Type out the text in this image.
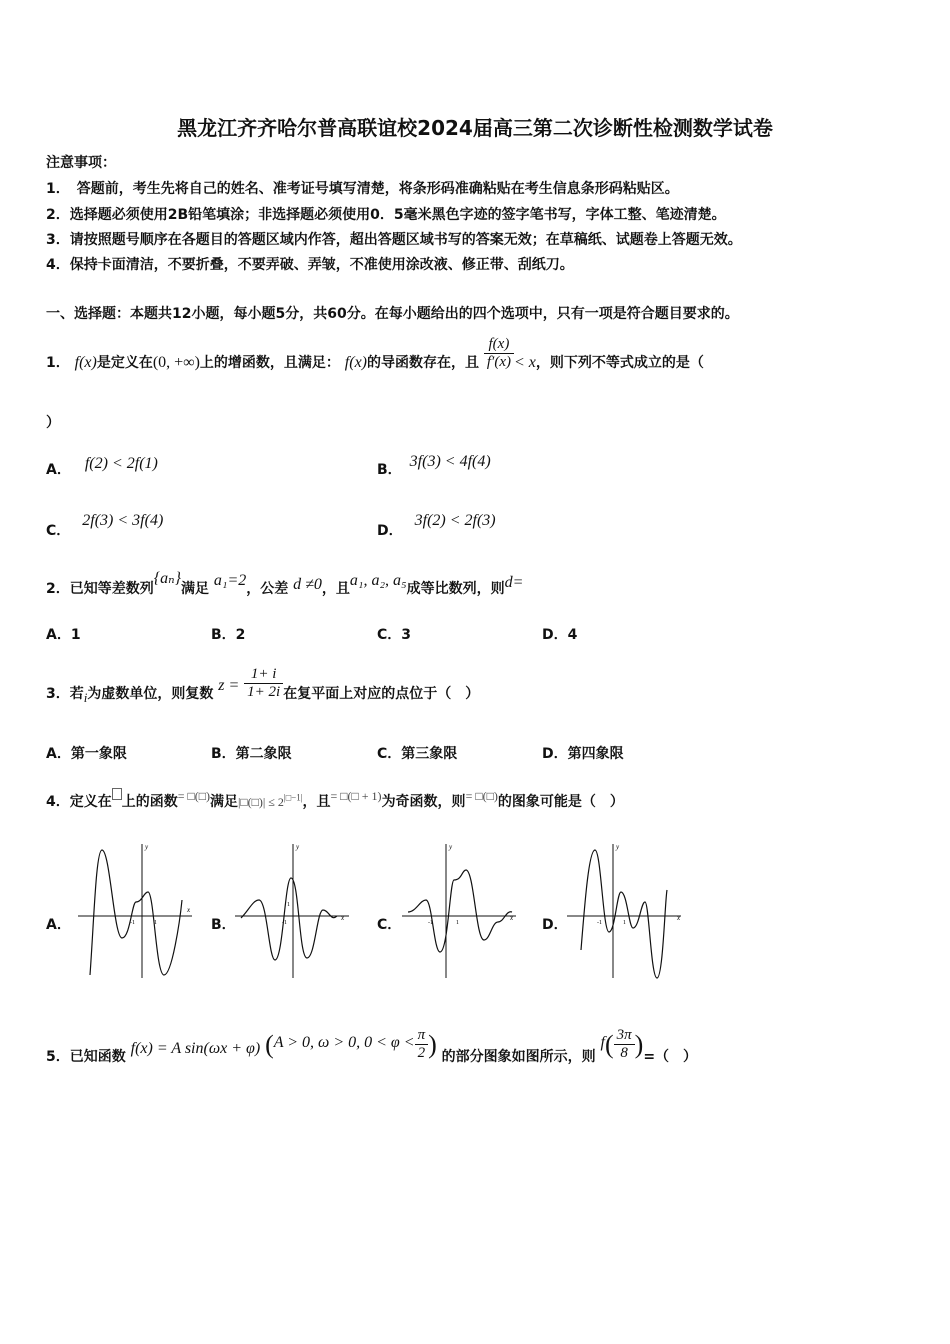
黑龙江齐齐哈尔普高联谊校2024届高三第二次诊断性检测数学试卷
注意事项：
1．　答题前，考生先将自己的姓名、准考证号填写清楚，将条形码准确粘贴在考生信息条形码粘贴区。
2．选择题必须使用2B铅笔填涂；非选择题必须使用0．5毫米黑色字迹的签字笔书写，字体工整、笔迹清楚。
3．请按照题号顺序在各题目的答题区域内作答，超出答题区域书写的答案无效；在草稿纸、试题卷上答题无效。
4．保持卡面清洁，不要折叠，不要弄破、弄皱，不准使用涂改液、修正带、刮纸刀。
一、选择题：本题共12小题，每小题5分，共60分。在每小题给出的四个选项中，只有一项是符合题目要求的。
1． f(x)是定义在(0, +∞)上的增函数，且满足： f(x)的导函数存在，且 $\frac{f(x)}{f'(x)} < x$，则下列不等式成立的是（
）
A． f(2) < 2f(1)	B． 3f(3) < 4f(4)
C．2f(3) < 3f(4)
D．3f(2) < 2f(3)
2．已知等差数列{aₙ}满足 a₁=2，公差 d ≠0，且a₁, a₂, a₅成等比数列，则d=
A．1	B．2	C．3	D．4
3．若i为虚数单位，则复数 $z = \frac{1+ i}{1+ 2i}$ 在复平面上对应的点位于（　）
A．第一象限	B．第二象限	C．第三象限	D．第四象限
4．定义在 上的函数= □(□)满足|□(□)| ≤ $2^{|□-1|}$，且= □(□ + 1)为奇函数，则= □(□)的图象可能是（　）
A．	B．	C．	D．
x
y
-1	1
x
y
-1
1
x
y
-1	1
x
y
-1	1
5．已知函数 f(x) = A sin(ωx + φ) (A > 0, ω > 0, $0 < \varphi < \frac{\pi}{2}$ ) 的部分图象如图所示，则 $f( \frac{3\pi}{8}$ )=（　）
